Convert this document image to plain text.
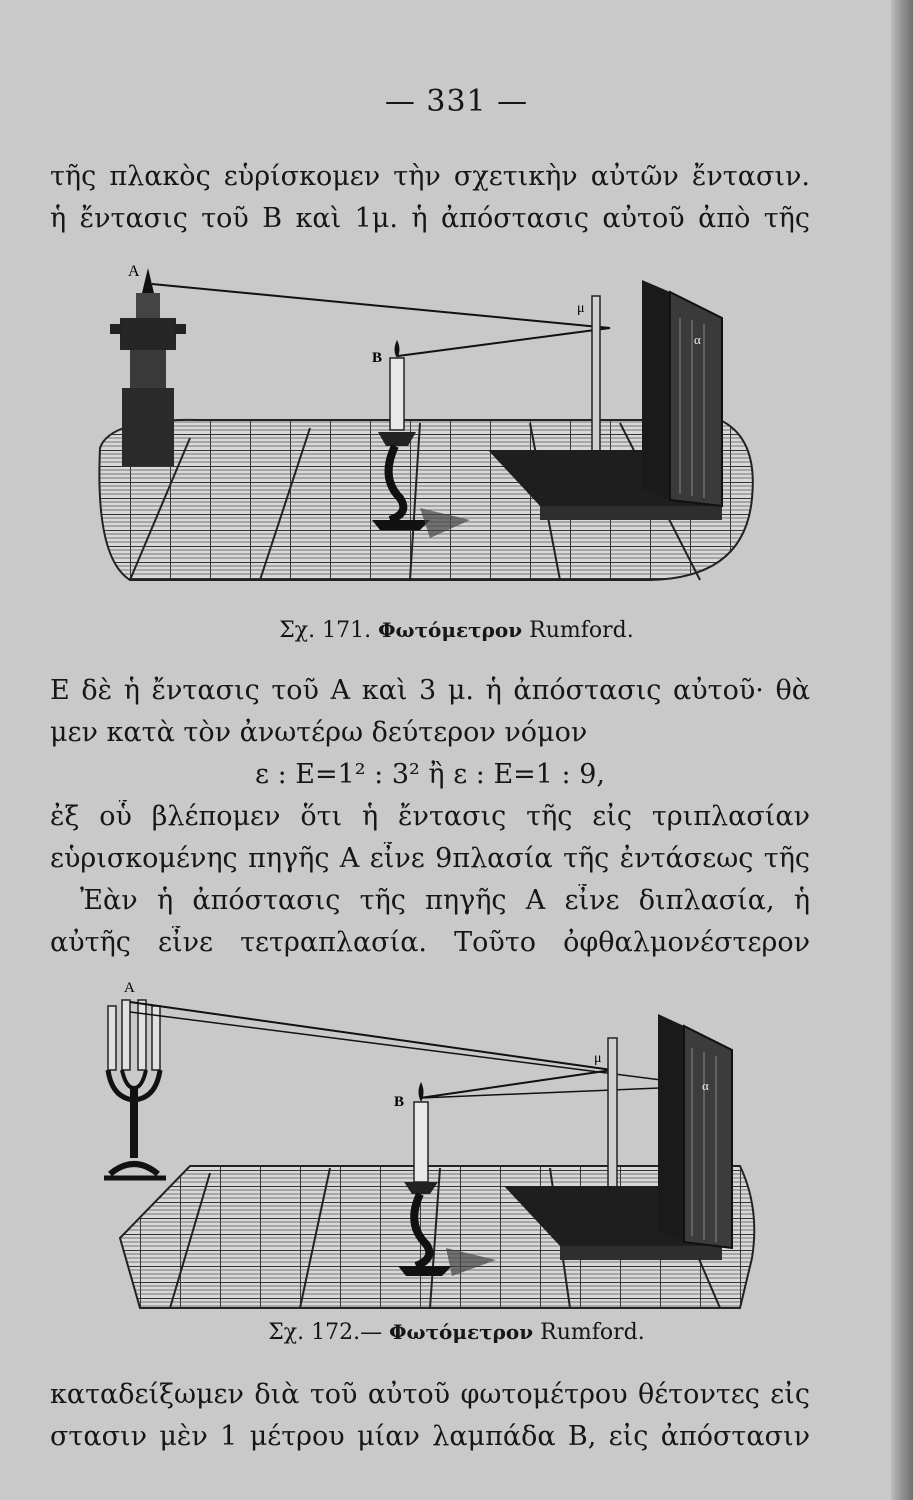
— 331 —
τῆς πλακὸς εὑρίσκομεν τὴν σχετικὴν αὐτῶν ἔντασιν.
ἡ ἔντασις τοῦ Β καὶ 1μ. ἡ ἀπόστασις αὐτοῦ ἀπὸ τῆς
A
B
μ
α
Σχ. 171. Φωτόμετρον Rumford.
Ε δὲ ἡ ἔντασις τοῦ Α καὶ 3 μ. ἡ ἀπόστασις αὐτοῦ· θὰ
μεν κατὰ τὸν ἀνωτέρω δεύτερον νόμον
ε : Ε=1² : 3² ἢ ε : Ε=1 : 9,
ἐξ οὗ βλέπομεν ὅτι ἡ ἔντασις τῆς εἰς τριπλασίαν
εὑρισκομένης πηγῆς Α εἶνε 9πλασία τῆς ἐντάσεως τῆς
Ἐὰν ἡ ἀπόστασις τῆς πηγῆς Α εἶνε διπλασία, ἡ
αὐτῆς εἶνε τετραπλασία. Τοῦτο ὀφθαλμονέστερον
A
B
μ
α
Σχ. 172.— Φωτόμετρον Rumford.
καταδείξωμεν διὰ τοῦ αὐτοῦ φωτομέτρου θέτοντες εἰς
στασιν μὲν 1 μέτρου μίαν λαμπάδα Β, εἰς ἀπόστασιν
